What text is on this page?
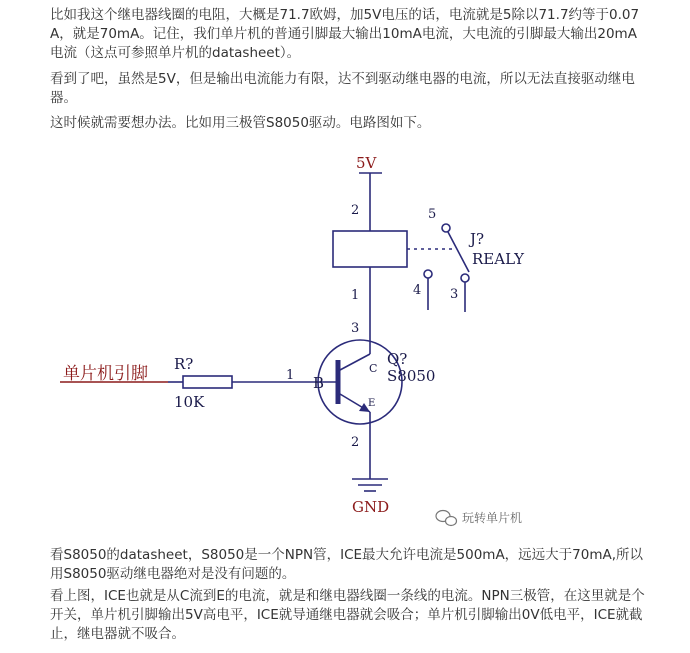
比如我这个继电器线圈的电阻，大概是71.7欧姆，加5V电压的话，电流就是5除以71.7约等于0.07A，就是70mA。记住，我们单片机的普通引脚最大输出10mA电流，大电流的引脚最大输出20mA电流（这点可参照单片机的datasheet）。

看到了吧，虽然是5V，但是输出电流能力有限，达不到驱动继电器的电流，所以无法直接驱动继电器。

这时候就需要想办法。比如用三极管S8050驱动。电路图如下。

5V
2
1
3
5
3
4
J?
REALY
单片机引脚 R?
10K
1 B
C
E
Q?
S8050
2
GND
玩转单片机

看S8050的datasheet，S8050是一个NPN管，ICE最大允许电流是500mA，远远大于70mA,所以用S8050驱动继电器绝对是没有问题的。

看上图，ICE也就是从C流到E的电流，就是和继电器线圈一条线的电流。NPN三极管，在这里就是个开关，单片机引脚输出5V高电平，ICE就导通继电器就会吸合；单片机引脚输出0V低电平，ICE就截止，继电器就不吸合。
